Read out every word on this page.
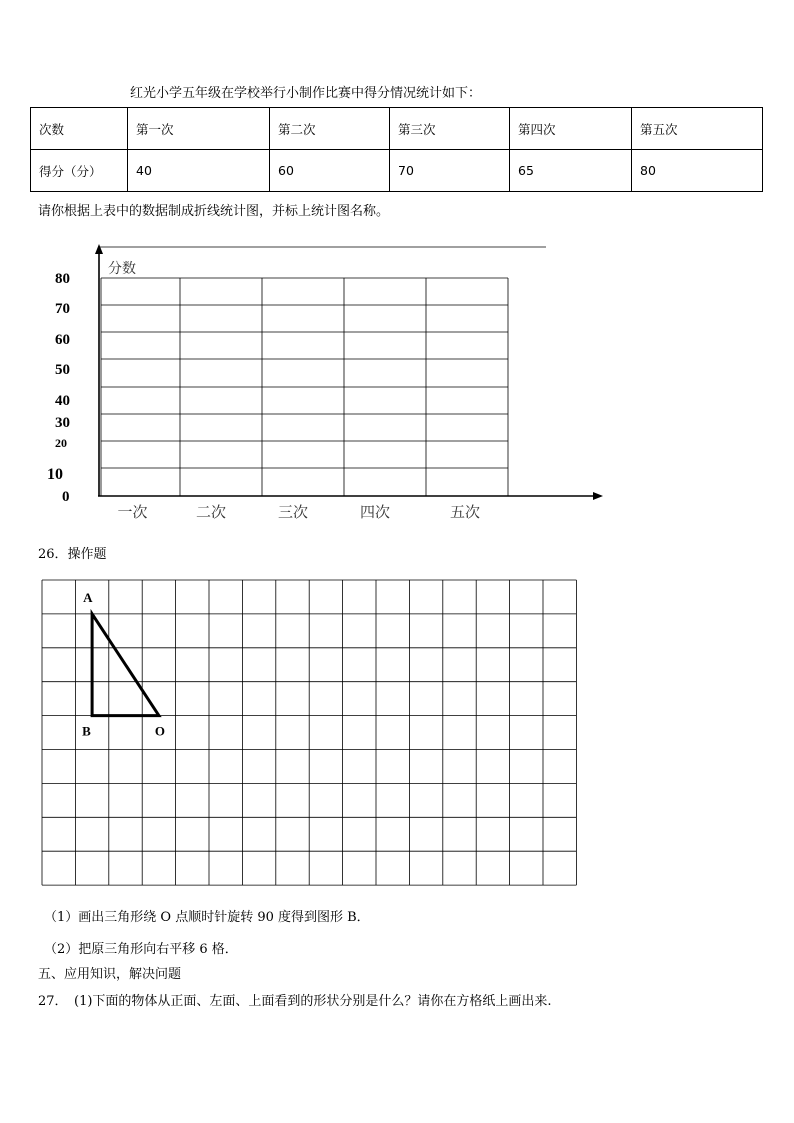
红光小学五年级在学校举行小制作比赛中得分情况统计如下：
次数	第一次	第二次	第三次	第四次	第五次
得分（分）	40	60	70	65	80
请你根据上表中的数据制成折线统计图，并标上统计图名称。
80
70
60
50
40
30
20
10
0
一次	二次	三次	四次	五次
分数
26．操作题
A
B	O
（1）画出三角形绕 O 点顺时针旋转 90 度得到图形 B．
（2）把原三角形向右平移 6 格．
五、应用知识，解决问题
27． (1)下面的物体从正面、左面、上面看到的形状分别是什么？请你在方格纸上画出来.
